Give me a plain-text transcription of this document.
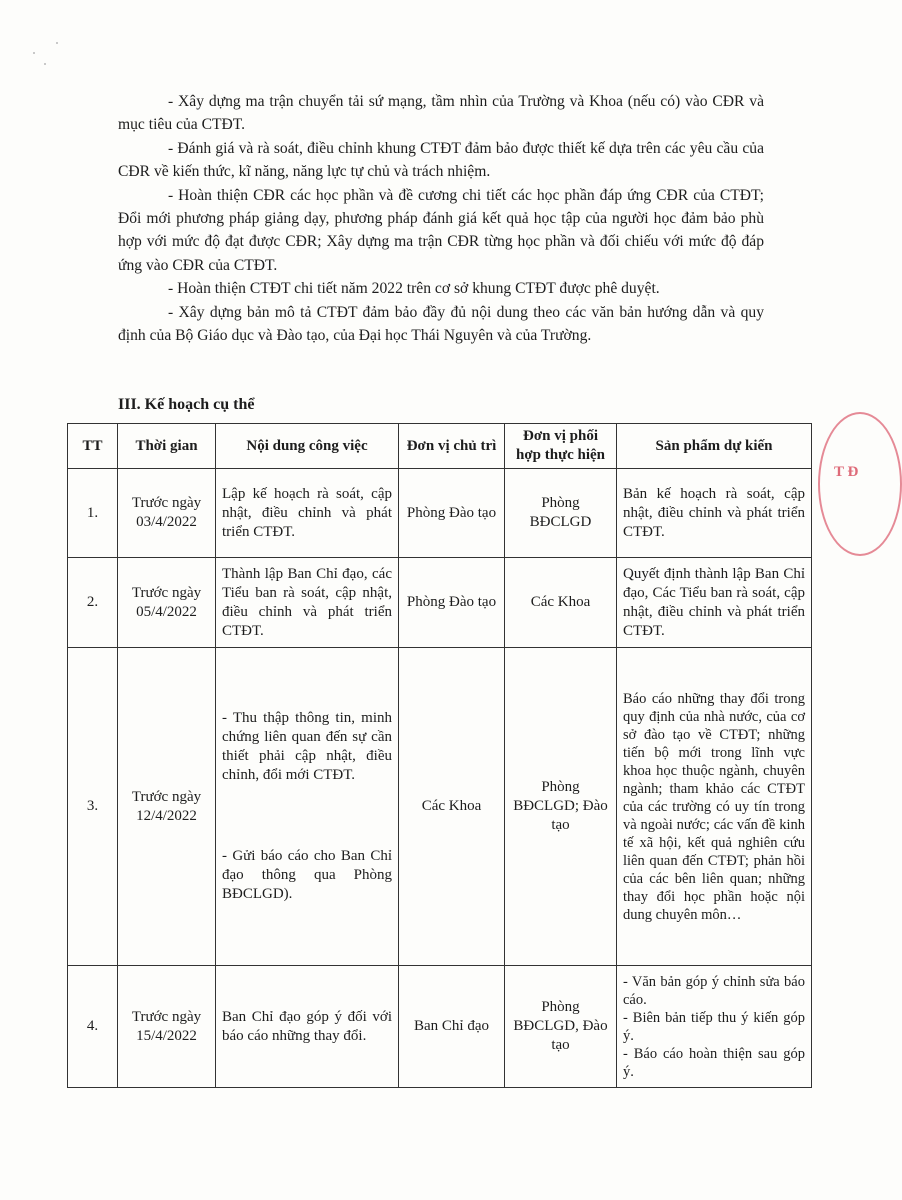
- Xây dựng ma trận chuyển tải sứ mạng, tầm nhìn của Trường và Khoa (nếu có) vào CĐR và mục tiêu của CTĐT.

- Đánh giá và rà soát, điều chỉnh khung CTĐT đảm bảo được thiết kế dựa trên các yêu cầu của CĐR về kiến thức, kĩ năng, năng lực tự chủ và trách nhiệm.

- Hoàn thiện CĐR các học phần và đề cương chi tiết các học phần đáp ứng CĐR của CTĐT; Đổi mới phương pháp giảng dạy, phương pháp đánh giá kết quả học tập của người học đảm bảo phù hợp với mức độ đạt được CĐR; Xây dựng ma trận CĐR từng học phần và đối chiếu với mức độ đáp ứng vào CĐR của CTĐT.

- Hoàn thiện CTĐT chi tiết năm 2022 trên cơ sở khung CTĐT được phê duyệt.

- Xây dựng bản mô tả CTĐT đảm bảo đầy đủ nội dung theo các văn bản hướng dẫn và quy định của Bộ Giáo dục và Đào tạo, của Đại học Thái Nguyên và của Trường.

III. Kế hoạch cụ thể
TT	Thời gian	Nội dung công việc	Đơn vị chủ trì	Đơn vị phối hợp thực hiện	Sản phẩm dự kiến
1.	Trước ngày 03/4/2022	Lập kế hoạch rà soát, cập nhật, điều chỉnh và phát triển CTĐT.	Phòng Đào tạo	Phòng BĐCLGD	Bản kế hoạch rà soát, cập nhật, điều chỉnh và phát triển CTĐT.

2.	Trước ngày 05/4/2022	Thành lập Ban Chỉ đạo, các Tiểu ban rà soát, cập nhật, điều chỉnh và phát triển CTĐT.	Phòng Đào tạo	Các Khoa	Quyết định thành lập Ban Chỉ đạo, Các Tiểu ban rà soát, cập nhật, điều chỉnh và phát triển CTĐT.

3.	Trước ngày 12/4/2022	- Thu thập thông tin, minh chứng liên quan đến sự cần thiết phải cập nhật, điều chỉnh, đổi mới CTĐT.
- Gửi báo cáo cho Ban Chỉ đạo thông qua Phòng BĐCLGD).	Các Khoa	Phòng BĐCLGD; Đào tạo	Báo cáo những thay đổi trong quy định của nhà nước, của cơ sở đào tạo về CTĐT; những tiến bộ mới trong lĩnh vực khoa học thuộc ngành, chuyên ngành; tham khảo các CTĐT của các trường có uy tín trong và ngoài nước; các vấn đề kinh tế xã hội, kết quả nghiên cứu liên quan đến CTĐT; phản hồi của các bên liên quan; những thay đổi học phần hoặc nội dung chuyên môn…

4.	Trước ngày 15/4/2022	Ban Chỉ đạo góp ý đối với báo cáo những thay đổi.	Ban Chỉ đạo	Phòng BĐCLGD, Đào tạo	- Văn bản góp ý chỉnh sửa báo cáo.
- Biên bản tiếp thu ý kiến góp ý.
- Báo cáo hoàn thiện sau góp ý.
T Đ
